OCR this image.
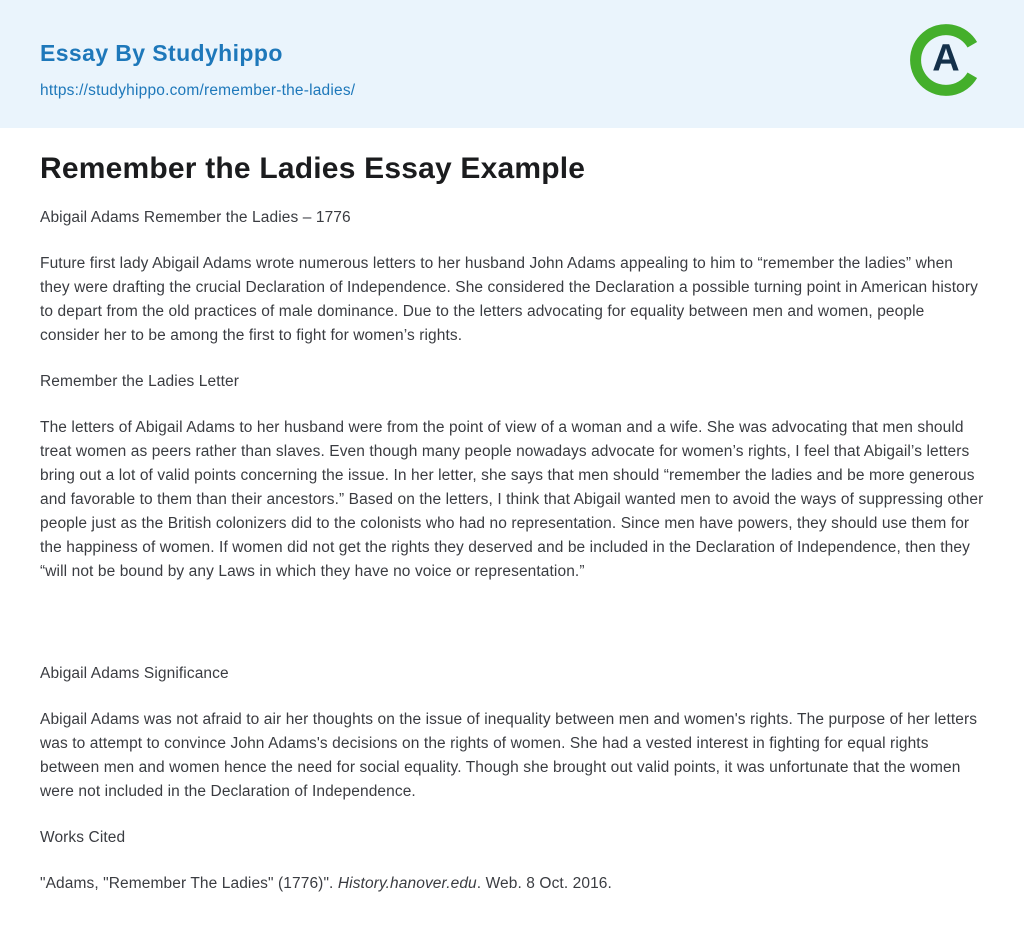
Essay By Studyhippo
https://studyhippo.com/remember-the-ladies/
A
Remember the Ladies Essay Example

Abigail Adams Remember the Ladies – 1776

Future first lady Abigail Adams wrote numerous letters to her husband John Adams appealing to him to “remember the ladies” when they were drafting the crucial Declaration of Independence. She considered the Declaration a possible turning point in American history to depart from the old practices of male dominance. Due to the letters advocating for equality between men and women, people consider her to be among the first to fight for women’s rights.

Remember the Ladies Letter

The letters of Abigail Adams to her husband were from the point of view of a woman and a wife. She was advocating that men should treat women as peers rather than slaves. Even though many people nowadays advocate for women’s rights, I feel that Abigail’s letters bring out a lot of valid points concerning the issue. In her letter, she says that men should “remember the ladies and be more generous and favorable to them than their ancestors.” Based on the letters, I think that Abigail wanted men to avoid the ways of suppressing other people just as the British colonizers did to the colonists who had no representation. Since men have powers, they should use them for the happiness of women. If women did not get the rights they deserved and be included in the Declaration of Independence, then they “will not be bound by any Laws in which they have no voice or representation.”

Abigail Adams Significance

Abigail Adams was not afraid to air her thoughts on the issue of inequality between men and women's rights. The purpose of her letters was to attempt to convince John Adams's decisions on the rights of women. She had a vested interest in fighting for equal rights between men and women hence the need for social equality. Though she brought out valid points, it was unfortunate that the women were not included in the Declaration of Independence.

Works Cited

"Adams, "Remember The Ladies" (1776)". History.hanover.edu. Web. 8 Oct. 2016.
